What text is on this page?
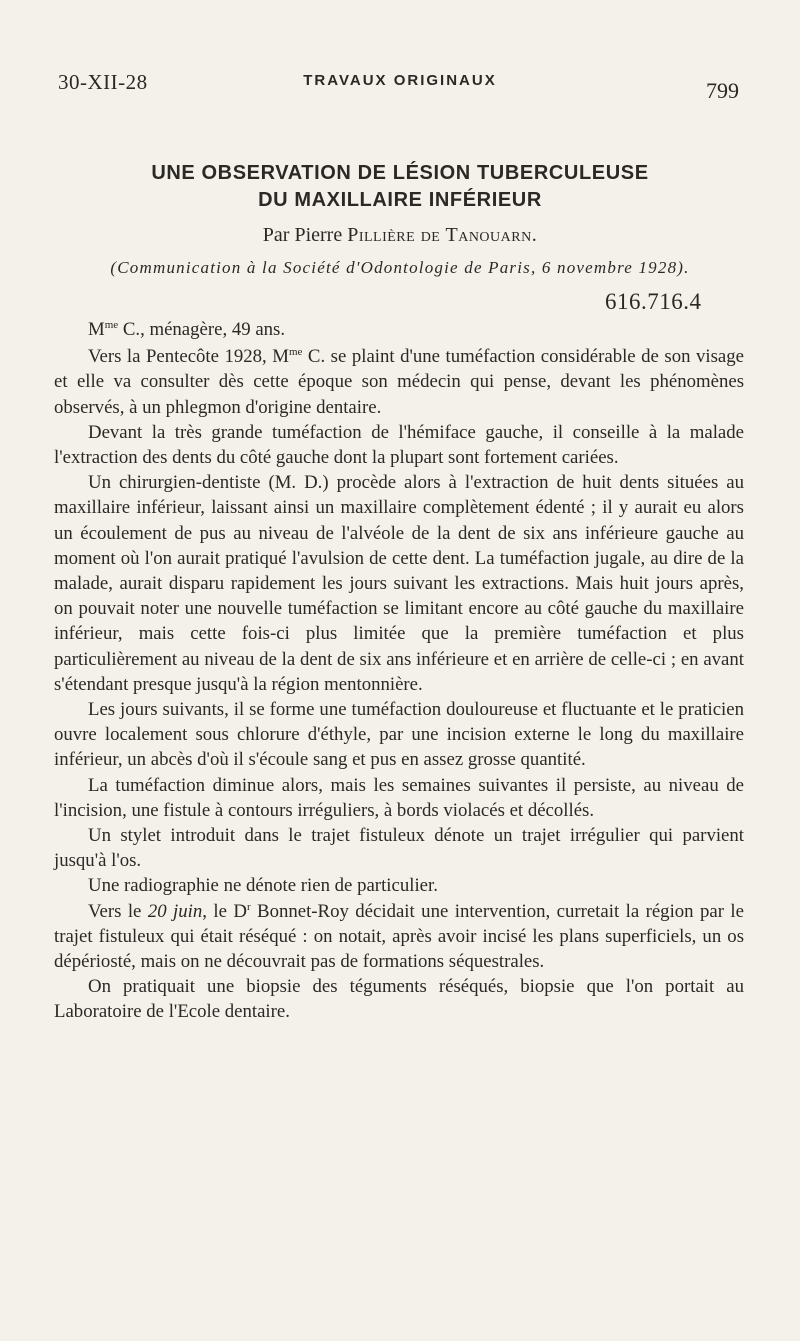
30-XII-28	TRAVAUX ORIGINAUX	799
UNE OBSERVATION DE LÉSION TUBERCULEUSE
DU MAXILLAIRE INFÉRIEUR
Par Pierre Pillière de Tanouarn.
(Communication à la Société d'Odontologie de Paris, 6 novembre 1928).
616.716.4

$M^{me}$ C., ménagère, 49 ans.

Vers la Pentecôte 1928, $M^{me}$ C. se plaint d'une tuméfaction considérable de son visage et elle va consulter dès cette époque son médecin qui pense, devant les phénomènes observés, à un phlegmon d'origine dentaire.

Devant la très grande tuméfaction de l'hémiface gauche, il conseille à la malade l'extraction des dents du côté gauche dont la plupart sont fortement cariées.

Un chirurgien-dentiste (M. D.) procède alors à l'extraction de huit dents situées au maxillaire inférieur, laissant ainsi un maxillaire complètement édenté ; il y aurait eu alors un écoulement de pus au niveau de l'alvéole de la dent de six ans inférieure gauche au moment où l'on aurait pratiqué l'avulsion de cette dent. La tuméfaction jugale, au dire de la malade, aurait disparu rapidement les jours suivant les extractions. Mais huit jours après, on pouvait noter une nouvelle tuméfaction se limitant encore au côté gauche du maxillaire inférieur, mais cette fois-ci plus limitée que la première tuméfaction et plus particulièrement au niveau de la dent de six ans inférieure et en arrière de celle-ci ; en avant s'étendant presque jusqu'à la région mentonnière.

Les jours suivants, il se forme une tuméfaction douloureuse et fluctuante et le praticien ouvre localement sous chlorure d'éthyle, par une incision externe le long du maxillaire inférieur, un abcès d'où il s'écoule sang et pus en assez grosse quantité.

La tuméfaction diminue alors, mais les semaines suivantes il persiste, au niveau de l'incision, une fistule à contours irréguliers, à bords violacés et décollés.

Un stylet introduit dans le trajet fistuleux dénote un trajet irrégulier qui parvient jusqu'à l'os.

Une radiographie ne dénote rien de particulier.

Vers le 20 juin, le $D^r$ Bonnet-Roy décidait une intervention, curretait la région par le trajet fistuleux qui était réséqué : on notait, après avoir incisé les plans superficiels, un os dépériosté, mais on ne découvrait pas de formations séquestrales.

On pratiquait une biopsie des téguments réséqués, biopsie que l'on portait au Laboratoire de l'Ecole dentaire.
